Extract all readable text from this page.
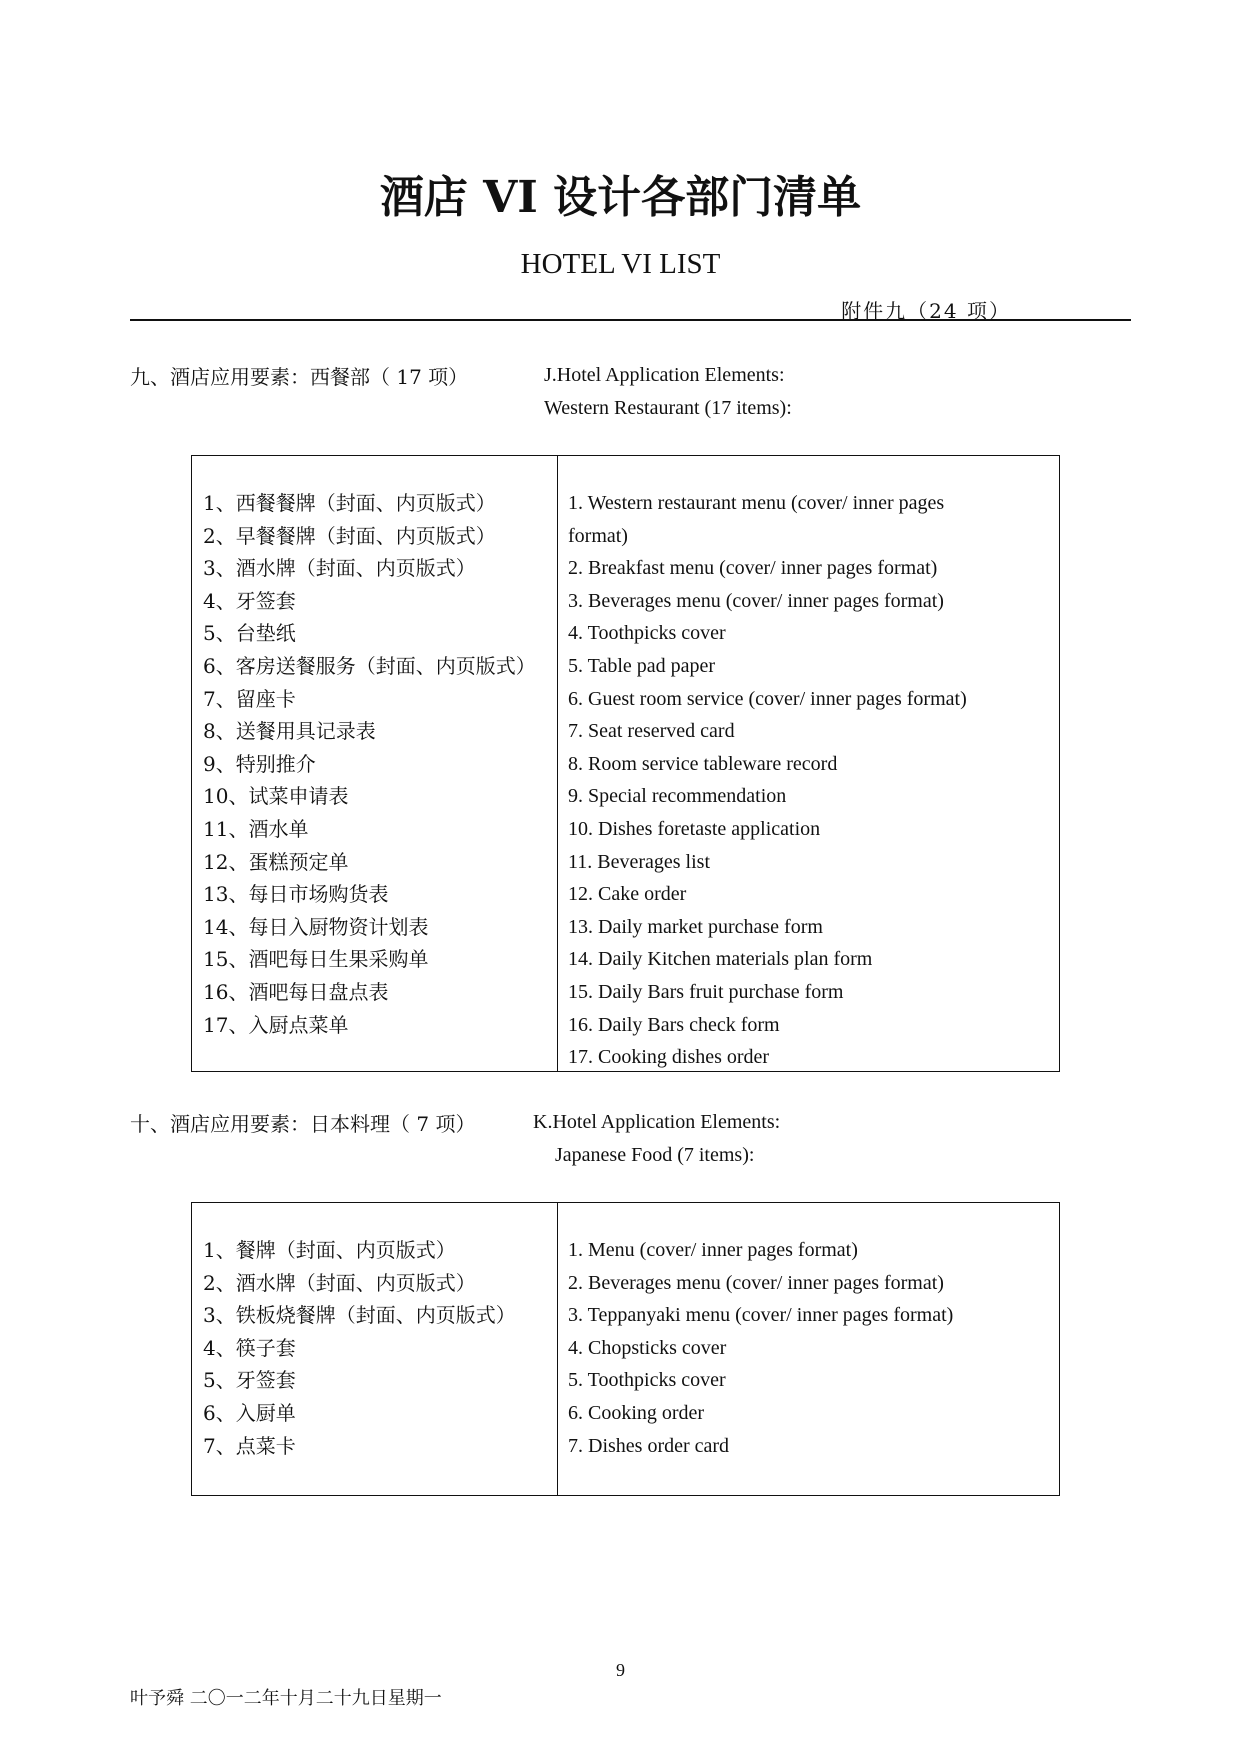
酒店 VI 设计各部门清单
HOTEL VI LIST
附件九（24 项）
九、酒店应用要素：西餐部（ 17 项）	J.Hotel Application Elements:
Western Restaurant (17 items):
1、西餐餐牌（封面、内页版式）
2、早餐餐牌（封面、内页版式）
3、酒水牌（封面、内页版式）
4、牙签套
5、台垫纸
6、客房送餐服务（封面、内页版式）
7、留座卡
8、送餐用具记录表
9、特别推介
10、试菜申请表
11、酒水单
12、蛋糕预定单
13、每日市场购货表
14、每日入厨物资计划表
15、酒吧每日生果采购单
16、酒吧每日盘点表
17、入厨点菜单
1. Western restaurant menu (cover/ inner pages
format)
2. Breakfast menu (cover/ inner pages format)
3. Beverages menu (cover/ inner pages format)
4. Toothpicks cover
5. Table pad paper
6. Guest room service (cover/ inner pages format)
7. Seat reserved card
8. Room service tableware record
9. Special recommendation
10. Dishes foretaste application
11. Beverages list
12. Cake order
13. Daily market purchase form
14. Daily Kitchen materials plan form
15. Daily Bars fruit purchase form
16. Daily Bars check form
17. Cooking dishes order
十、酒店应用要素：日本料理（ 7 项）	K.Hotel Application Elements:
Japanese Food (7 items):
1、餐牌（封面、内页版式）
2、酒水牌（封面、内页版式）
3、铁板烧餐牌（封面、内页版式）
4、筷子套
5、牙签套
6、入厨单
7、点菜卡
1. Menu (cover/ inner pages format)
2. Beverages menu (cover/ inner pages format)
3. Teppanyaki menu (cover/ inner pages format)
4. Chopsticks cover
5. Toothpicks cover
6. Cooking order
7. Dishes order card
9
叶予舜 二〇一二年十月二十九日星期一
